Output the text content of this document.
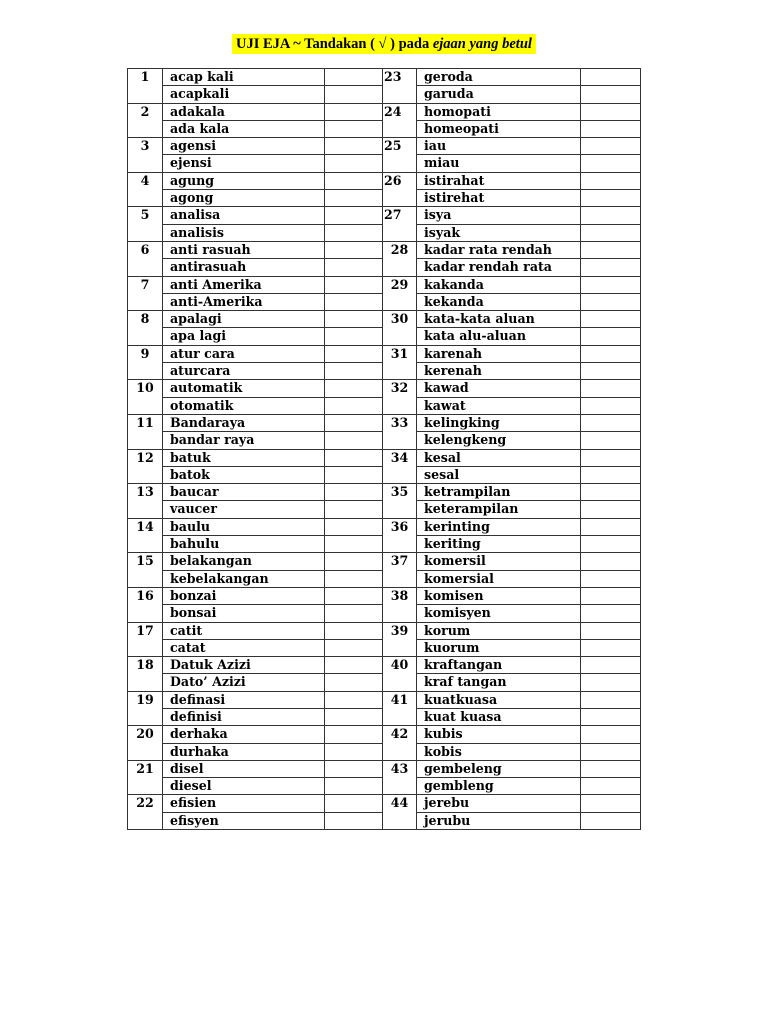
UJI EJA ~ Tandakan ( √ ) pada ejaan yang betul
1	acap kali		23	geroda	
	acapkali			garuda	
2	adakala		24	homopati	
	ada kala			homeopati	
3	agensi		25	iau	
	ejensi			miau	
4	agung		26	istirahat	
	agong			istirehat	
5	analisa		27	isya	
	analisis			isyak	
6	anti rasuah		28	kadar rata rendah	
	antirasuah			kadar rendah rata	
7	anti Amerika		29	kakanda	
	anti-Amerika			kekanda	
8	apalagi		30	kata-kata aluan	
	apa lagi			kata alu-aluan	
9	atur cara		31	karenah	
	aturcara			kerenah	
10	automatik		32	kawad	
	otomatik			kawat	
11	Bandaraya		33	kelingking	
	bandar raya			kelengkeng	
12	batuk		34	kesal	
	batok			sesal	
13	baucar		35	ketrampilan	
	vaucer			keterampilan	
14	baulu		36	kerinting	
	bahulu			keriting	
15	belakangan		37	komersil	
	kebelakangan			komersial	
16	bonzai		38	komisen	
	bonsai			komisyen	
17	catit		39	korum	
	catat			kuorum	
18	Datuk Azizi		40	kraftangan	
	Dato’ Azizi			kraf tangan	
19	definasi		41	kuatkuasa	
	definisi			kuat kuasa	
20	derhaka		42	kubis	
	durhaka			kobis	
21	disel		43	gembeleng	
	diesel			gembleng	
22	efisien		44	jerebu	
	efisyen			jerubu	
